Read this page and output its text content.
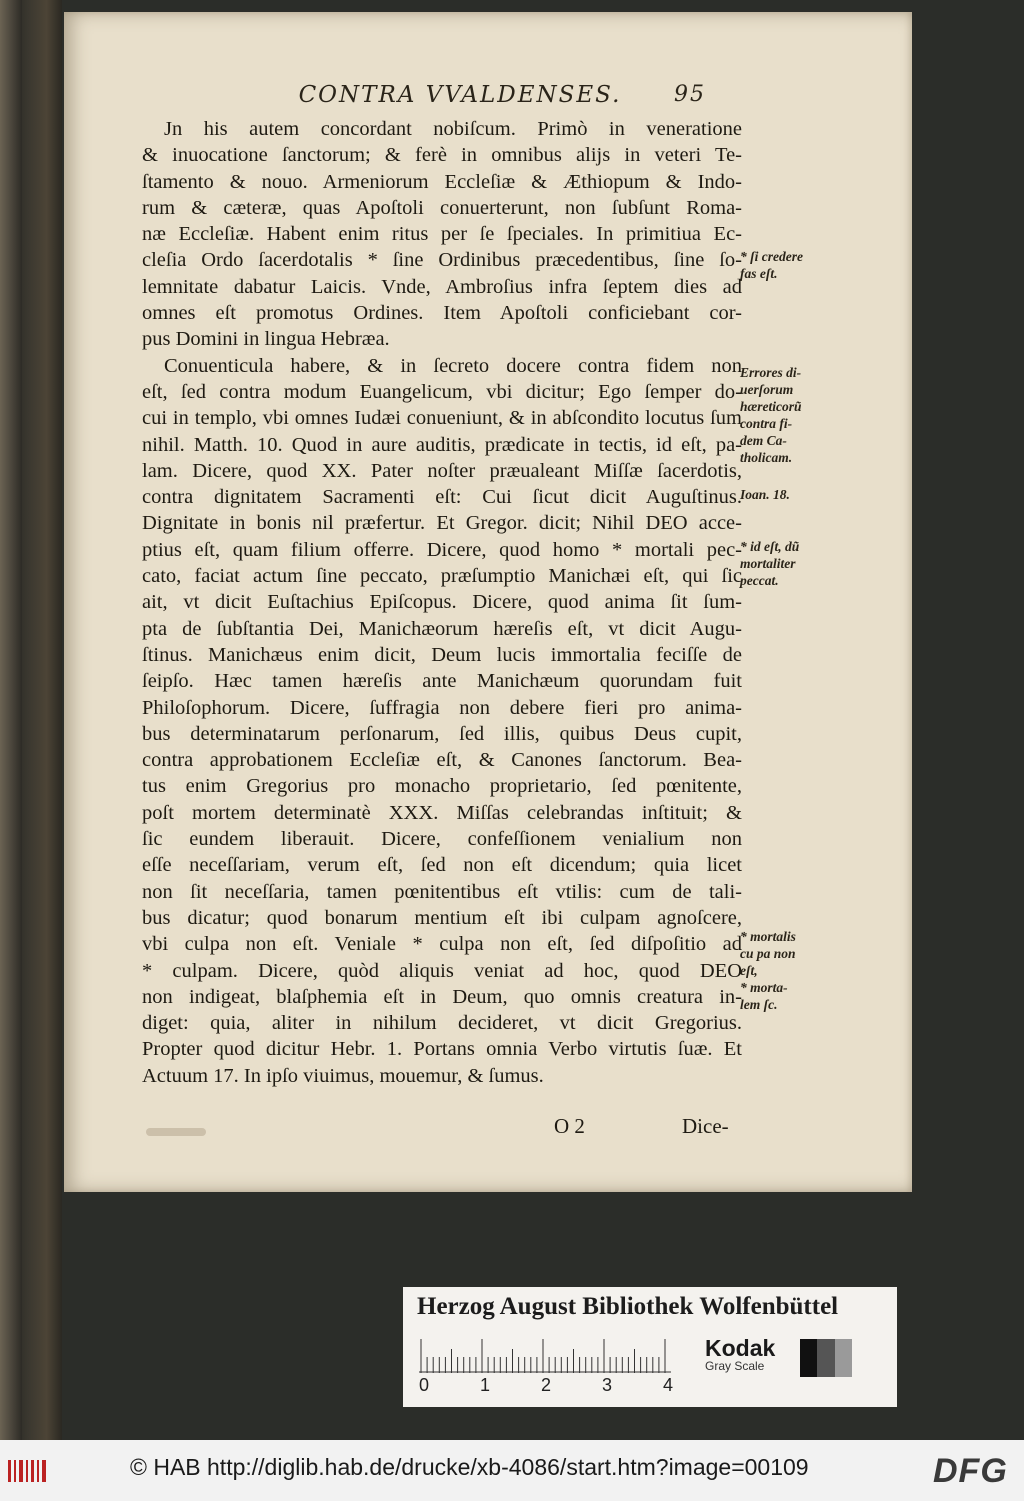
CONTRA VVALDENSES.	95
Jn his autem concordant nobiſcum. Primò in veneratione
& inuocatione ſanctorum; & ferè in omnibus alijs in veteri Te-
ſtamento & nouo. Armeniorum Eccleſiæ & Æthiopum & Indo-
rum & cæteræ, quas Apoſtoli conuerterunt, non ſubſunt Roma-
næ Eccleſiæ. Habent enim ritus per ſe ſpeciales. In primitiua Ec-
cleſia Ordo ſacerdotalis * ſine Ordinibus præcedentibus, ſine ſo-
lemnitate dabatur Laicis. Vnde, Ambroſius infra ſeptem dies ad
omnes eſt promotus Ordines. Item Apoſtoli conficiebant cor-
pus Domini in lingua Hebræa.
Conuenticula habere, & in ſecreto docere contra fidem non
eſt, ſed contra modum Euangelicum, vbi dicitur; Ego ſemper do-
cui in templo, vbi omnes Iudæi conueniunt, & in abſcondito locutus ſum
nihil. Matth. 10. Quod in aure auditis, prædicate in tectis, id eſt, pa-
lam. Dicere, quod XX. Pater noſter præualeant Miſſæ ſacerdotis,
contra dignitatem Sacramenti eſt: Cui ſicut dicit Auguſtinus.
Dignitate in bonis nil præfertur. Et Gregor. dicit; Nihil DEO acce-
ptius eſt, quam filium offerre. Dicere, quod homo * mortali pec-
cato, faciat actum ſine peccato, præſumptio Manichæi eſt, qui ſic
ait, vt dicit Euſtachius Epiſcopus. Dicere, quod anima ſit ſum-
pta de ſubſtantia Dei, Manichæorum hæreſis eſt, vt dicit Augu-
ſtinus. Manichæus enim dicit, Deum lucis immortalia feciſſe de
ſeipſo. Hæc tamen hæreſis ante Manichæum quorundam fuit
Philoſophorum. Dicere, ſuffragia non debere fieri pro anima-
bus determinatarum perſonarum, ſed illis, quibus Deus cupit,
contra approbationem Eccleſiæ eſt, & Canones ſanctorum. Bea-
tus enim Gregorius pro monacho proprietario, ſed pœnitente,
poſt mortem determinatè XXX. Miſſas celebrandas inſtituit; &
ſic eundem liberauit. Dicere, confeſſionem venialium non
eſſe neceſſariam, verum eſt, ſed non eſt dicendum; quia licet
non ſit neceſſaria, tamen pœnitentibus eſt vtilis: cum de tali-
bus dicatur; quod bonarum mentium eſt ibi culpam agnoſcere,
vbi culpa non eſt. Veniale * culpa non eſt, ſed diſpoſitio ad
* culpam. Dicere, quòd aliquis veniat ad hoc, quod DEO
non indigeat, blaſphemia eſt in Deum, quo omnis creatura in-
diget: quia, aliter in nihilum decideret, vt dicit Gregorius.
Propter quod dicitur Hebr. 1. Portans omnia Verbo virtutis ſuæ. Et
Actuum 17. In ipſo viuimus, mouemur, & ſumus.
* ſi credere
fas eſt.
Errores di-
uerſorum
hæreticorũ
contra fi-
dem Ca-
tholicam.
Ioan. 18.
* id eſt, dũ
mortaliter
peccat.
* mortalis
cu pa non
eſt,
* morta-
lem ſc.
O 2	Dice-
Herzog August Bibliothek Wolfenbüttel
0	1	2	3	4
Kodak
Gray Scale
© HAB http://diglib.hab.de/drucke/xb-4086/start.htm?image=00109	DFG
